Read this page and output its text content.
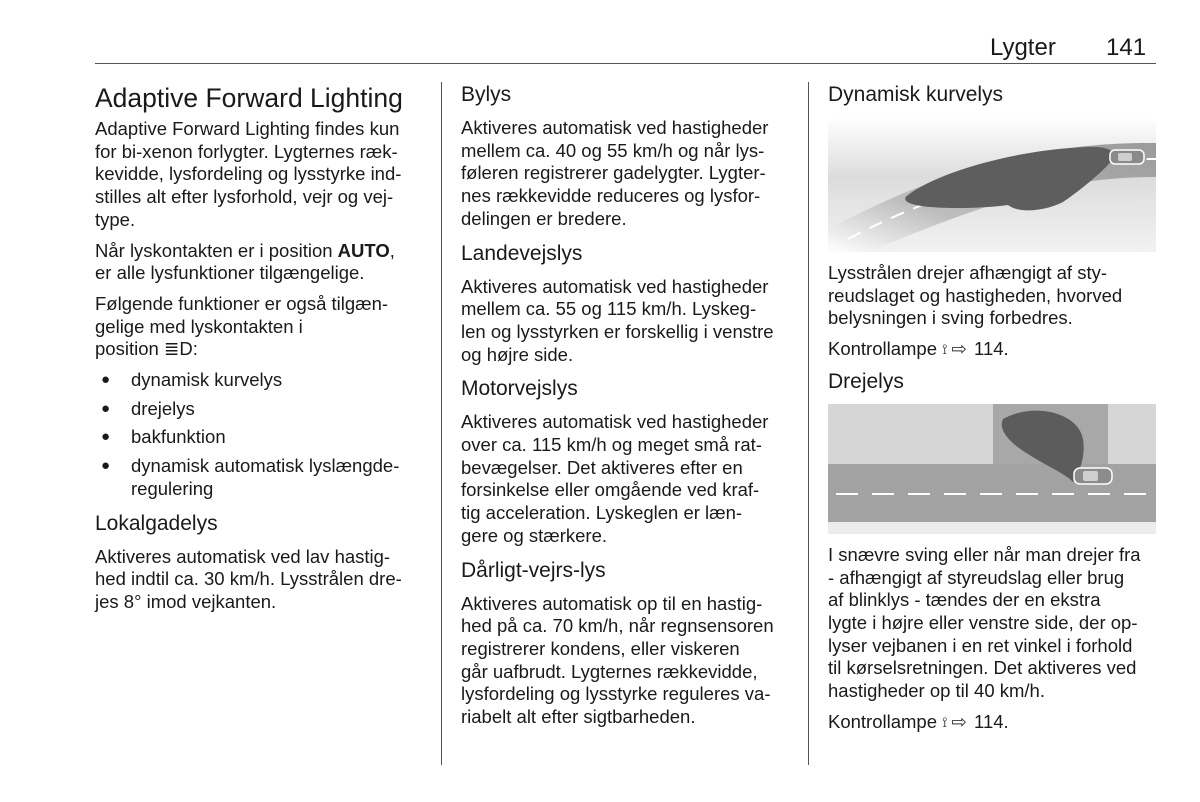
Lygter 141
Adaptive Forward Lighting

Adaptive Forward Lighting findes kun
for bi-xenon forlygter. Lygternes ræk-
kevidde, lysfordeling og lysstyrke ind-
stilles alt efter lysforhold, vejr og vej-
type.

Når lyskontakten er i position AUTO,
er alle lysfunktioner tilgængelige.

Følgende funktioner er også tilgæn-
gelige med lyskontakten i
position ≣D:

● dynamisk kurvelys
● drejelys
● bakfunktion
● dynamisk automatisk lyslængde-
regulering
Lokalgadelys

Aktiveres automatisk ved lav hastig-
hed indtil ca. 30 km/h. Lysstrålen dre-
jes 8° imod vejkanten.

Bylys

Aktiveres automatisk ved hastigheder
mellem ca. 40 og 55 km/h og når lys-
føleren registrerer gadelygter. Lygter-
nes rækkevidde reduceres og lysfor-
delingen er bredere.

Landevejslys

Aktiveres automatisk ved hastigheder
mellem ca. 55 og 115 km/h. Lyskeg-
len og lysstyrken er forskellig i venstre
og højre side.

Motorvejslys

Aktiveres automatisk ved hastigheder
over ca. 115 km/h og meget små rat-
bevægelser. Det aktiveres efter en
forsinkelse eller omgående ved kraf-
tig acceleration. Lyskeglen er læn-
gere og stærkere.

Dårligt-vejrs-lys

Aktiveres automatisk op til en hastig-
hed på ca. 70 km/h, når regnsensoren
registrerer kondens, eller viskeren
går uafbrudt. Lygternes rækkevidde,
lysfordeling og lysstyrke reguleres va-
riabelt alt efter sigtbarheden.

Dynamisk kurvelys

Lysstrålen drejer afhængigt af sty-
reudslaget og hastigheden, hvorved
belysningen i sving forbedres.

Kontrollampe ⟟ ⇨ 114.

Drejelys

I snævre sving eller når man drejer fra
- afhængigt af styreudslag eller brug
af blinklys - tændes der en ekstra
lygte i højre eller venstre side, der op-
lyser vejbanen i en ret vinkel i forhold
til kørselsretningen. Det aktiveres ved
hastigheder op til 40 km/h.

Kontrollampe ⟟ ⇨ 114.
